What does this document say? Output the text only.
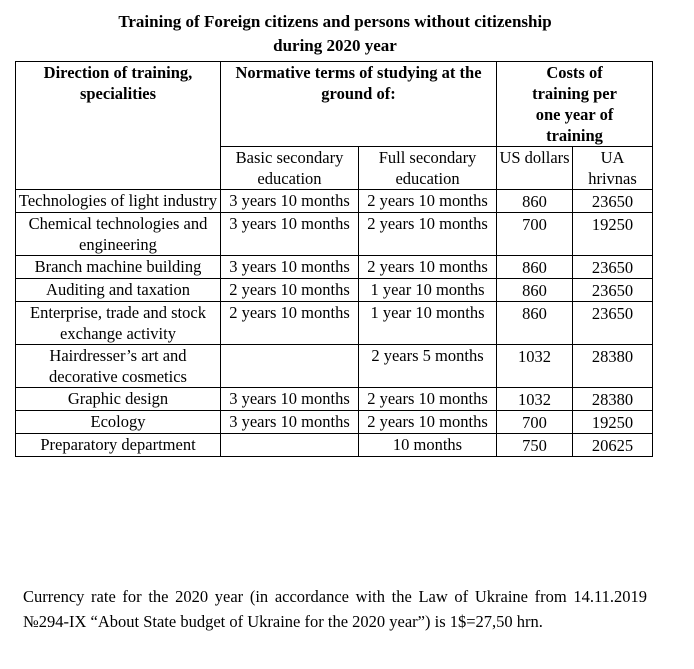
Training of Foreign citizens and persons without citizenship
during 2020 year
Direction of training, specialities	Normative terms of studying at the ground of:		Costs of training per one year of training	

	Basic secondary education	Full secondary education	US dollars	UA hrivnas
Technologies of light industry	3 years 10 months	2 years 10 months	860	23650
Chemical technologies and engineering	3 years 10 months	2 years 10 months	700	19250
Branch machine building	3 years 10 months	2 years 10 months	860	23650
Auditing and taxation	2 years 10 months	1 year 10 months	860	23650
Enterprise, trade and stock exchange activity	2 years 10 months	1 year 10 months	860	23650
Hairdresser’s art and decorative cosmetics		2 years 5 months	1032	28380
Graphic design	3 years 10 months	2 years 10 months	1032	28380
Ecology	3 years 10 months	2 years 10 months	700	19250
Preparatory department		10 months	750	20625
Currency rate for the 2020 year (in accordance with the Law of Ukraine from 14.11.2019 №294-IX “About State budget of Ukraine for the 2020 year”) is 1$=27,50 hrn.
